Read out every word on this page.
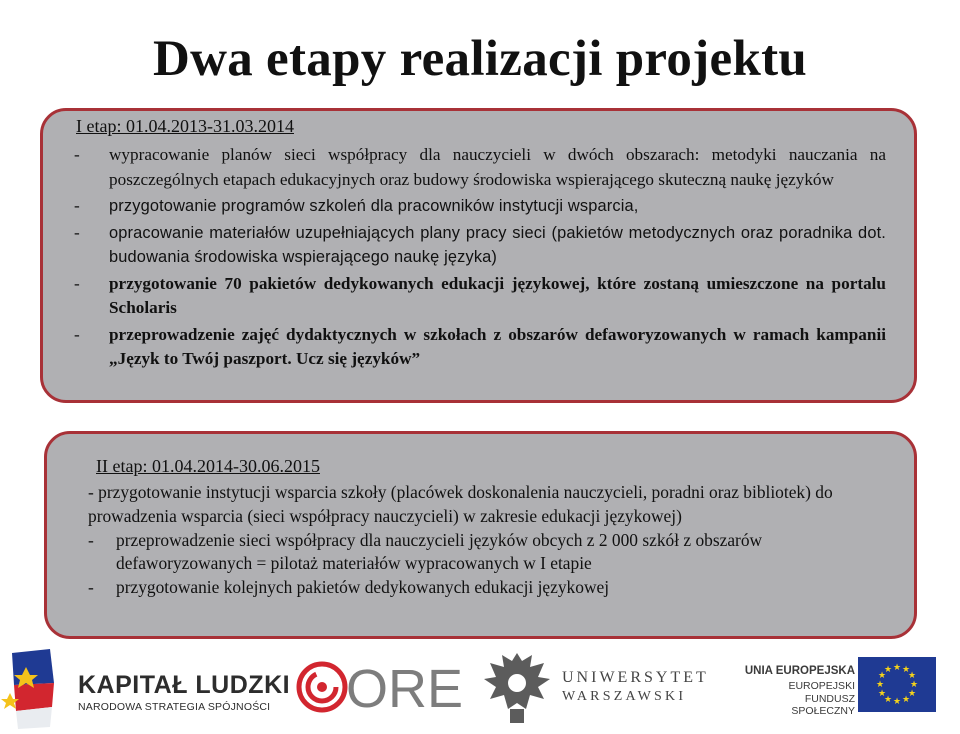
Dwa etapy realizacji projektu
I etap: 01.04.2013-31.03.2014
-	wypracowanie planów sieci współpracy dla nauczycieli w dwóch obszarach: metodyki nauczania na poszczególnych etapach edukacyjnych oraz budowy środowiska wspierającego skuteczną naukę języków
-	przygotowanie programów szkoleń dla pracowników instytucji wsparcia,
-	opracowanie materiałów uzupełniających plany pracy sieci (pakietów metodycznych oraz poradnika dot. budowania środowiska wspierającego naukę języka)
-	przygotowanie 70 pakietów dedykowanych edukacji językowej, które zostaną umieszczone na portalu Scholaris
-	przeprowadzenie zajęć dydaktycznych w szkołach z obszarów defaworyzowanych w ramach kampanii „Język to Twój paszport. Ucz się języków”
II etap: 01.04.2014-30.06.2015

- przygotowanie instytucji wsparcia szkoły (placówek doskonalenia nauczycieli, poradni oraz bibliotek) do prowadzenia wsparcia (sieci współpracy nauczycieli) w zakresie edukacji językowej)

-	przeprowadzenie sieci współpracy dla nauczycieli języków obcych z 2 000 szkół z obszarów defaworyzowanych = pilotaż materiałów wypracowanych w I etapie
-	przygotowanie kolejnych pakietów dedykowanych edukacji językowej
KAPITAŁ LUDZKI
NARODOWA STRATEGIA SPÓJNOŚCI ORE	UNIWERSYTET
WARSZAWSKI
UNIA EUROPEJSKA
EUROPEJSKI
FUNDUSZ SPOŁECZNY
★ ★
★
★
★
★
★
★
★
★
★
★
